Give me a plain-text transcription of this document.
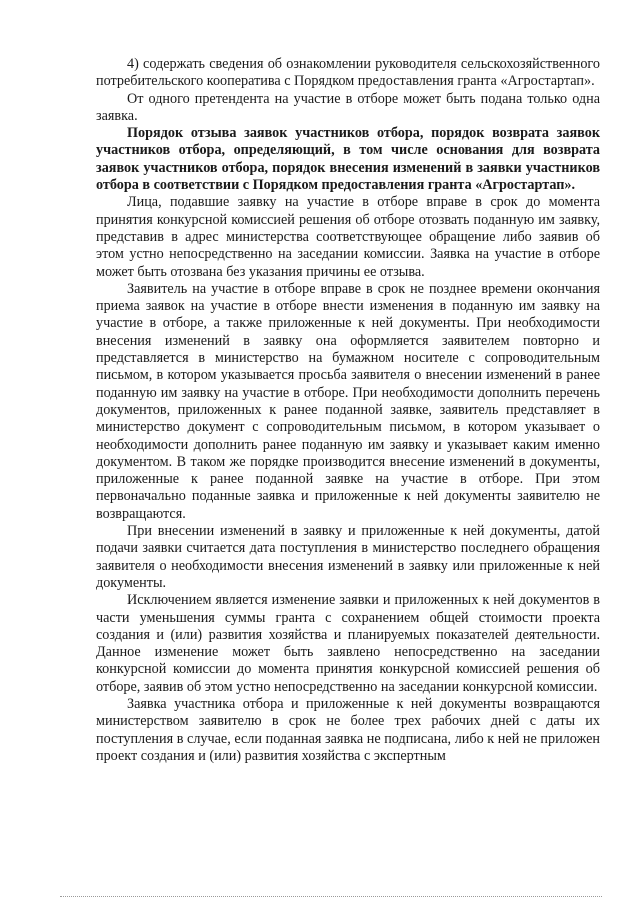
4) содержать сведения об ознакомлении руководителя сельскохозяйственного потребительского кооператива с Порядком предоставления гранта «Агростартап».

От одного претендента на участие в отборе может быть подана только одна заявка.

Порядок отзыва заявок участников отбора, порядок возврата заявок участников отбора, определяющий, в том числе основания для возврата заявок участников отбора, порядок внесения изменений в заявки участников отбора в соответствии с Порядком предоставления гранта «Агростартап».

Лица, подавшие заявку на участие в отборе вправе в срок до момента принятия конкурсной комиссией решения об отборе отозвать поданную им заявку, представив в адрес министерства соответствующее обращение либо заявив об этом устно непосредственно на заседании комиссии. Заявка на участие в отборе может быть отозвана без указания причины ее отзыва.

Заявитель на участие в отборе вправе в срок не позднее времени окончания приема заявок на участие в отборе внести изменения в поданную им заявку на участие в отборе, а также приложенные к ней документы. При необходимости внесения изменений в заявку она оформляется заявителем повторно и представляется в министерство на бумажном носителе с сопроводительным письмом, в котором указывается просьба заявителя о внесении изменений в ранее поданную им заявку на участие в отборе. При необходимости дополнить перечень документов, приложенных к ранее поданной заявке, заявитель представляет в министерство документ с сопроводительным письмом, в котором указывает о необходимости дополнить ранее поданную им заявку и указывает каким именно документом. В таком же порядке производится внесение изменений в документы, приложенные к ранее поданной заявке на участие в отборе. При этом первоначально поданные заявка и приложенные к ней документы заявителю не возвращаются.

При внесении изменений в заявку и приложенные к ней документы, датой подачи заявки считается дата поступления в министерство последнего обращения заявителя о необходимости внесения изменений в заявку или приложенные к ней документы.

Исключением является изменение заявки и приложенных к ней документов в части уменьшения суммы гранта с сохранением общей стоимости проекта создания и (или) развития хозяйства и планируемых показателей деятельности. Данное изменение может быть заявлено непосредственно на заседании конкурсной комиссии до момента принятия конкурсной комиссией решения об отборе, заявив об этом устно непосредственно на заседании конкурсной комиссии.

Заявка участника отбора и приложенные к ней документы возвращаются министерством заявителю в срок не более трех рабочих дней с даты их поступления в случае, если поданная заявка не подписана, либо к ней не приложен проект создания и (или) развития хозяйства с экспертным
